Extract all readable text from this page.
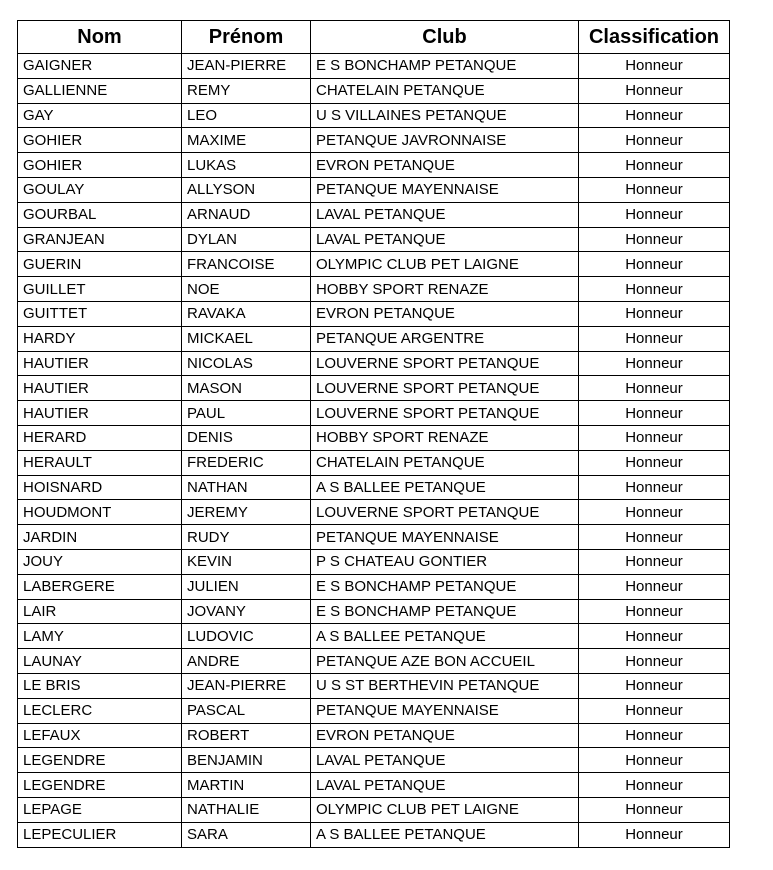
Nom	Prénom	Club	Classification
GAIGNER	JEAN-PIERRE	E S BONCHAMP PETANQUE	Honneur
GALLIENNE	REMY	CHATELAIN PETANQUE	Honneur
GAY	LEO	U S VILLAINES PETANQUE	Honneur
GOHIER	MAXIME	PETANQUE JAVRONNAISE	Honneur
GOHIER	LUKAS	EVRON PETANQUE	Honneur
GOULAY	ALLYSON	PETANQUE MAYENNAISE	Honneur
GOURBAL	ARNAUD	LAVAL PETANQUE	Honneur
GRANJEAN	DYLAN	LAVAL PETANQUE	Honneur
GUERIN	FRANCOISE	OLYMPIC CLUB PET LAIGNE	Honneur
GUILLET	NOE	HOBBY SPORT RENAZE	Honneur
GUITTET	RAVAKA	EVRON PETANQUE	Honneur
HARDY	MICKAEL	PETANQUE ARGENTRE	Honneur
HAUTIER	NICOLAS	LOUVERNE SPORT PETANQUE	Honneur
HAUTIER	MASON	LOUVERNE SPORT PETANQUE	Honneur
HAUTIER	PAUL	LOUVERNE SPORT PETANQUE	Honneur
HERARD	DENIS	HOBBY SPORT RENAZE	Honneur
HERAULT	FREDERIC	CHATELAIN PETANQUE	Honneur
HOISNARD	NATHAN	A S BALLEE PETANQUE	Honneur
HOUDMONT	JEREMY	LOUVERNE SPORT PETANQUE	Honneur
JARDIN	RUDY	PETANQUE MAYENNAISE	Honneur
JOUY	KEVIN	P S CHATEAU GONTIER	Honneur
LABERGERE	JULIEN	E S BONCHAMP PETANQUE	Honneur
LAIR	JOVANY	E S BONCHAMP PETANQUE	Honneur
LAMY	LUDOVIC	A S BALLEE PETANQUE	Honneur
LAUNAY	ANDRE	PETANQUE AZE BON ACCUEIL	Honneur
LE BRIS	JEAN-PIERRE	U S ST BERTHEVIN PETANQUE	Honneur
LECLERC	PASCAL	PETANQUE MAYENNAISE	Honneur
LEFAUX	ROBERT	EVRON PETANQUE	Honneur
LEGENDRE	BENJAMIN	LAVAL PETANQUE	Honneur
LEGENDRE	MARTIN	LAVAL PETANQUE	Honneur
LEPAGE	NATHALIE	OLYMPIC CLUB PET LAIGNE	Honneur
LEPECULIER	SARA	A S BALLEE PETANQUE	Honneur
